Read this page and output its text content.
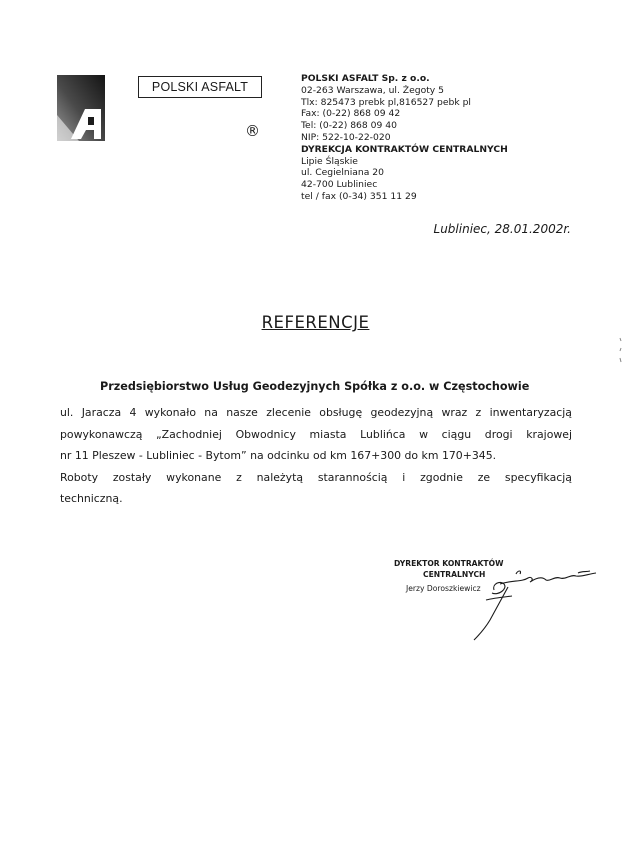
POLSKI ASFALT
®
POLSKI ASFALT Sp. z o.o.
02-263 Warszawa, ul. Żegoty 5
Tlx: 825473 prebk pl,816527 pebk pl
Fax: (0-22) 868 09 42
Tel: (0-22) 868 09 40
NIP: 522-10-22-020
DYREKCJA KONTRAKTÓW CENTRALNYCH
Lipie Śląskie
ul. Cegielniana 20
42-700 Lubliniec
tel / fax (0-34) 351 11 29
Lubliniec, 28.01.2002r.
REFERENCJE
Przedsiębiorstwo Usług Geodezyjnych Spółka z o.o. w Częstochowie
ul. Jaracza 4 wykonało na nasze zlecenie obsługę geodezyjną wraz z inwentaryzacją
powykonawczą „Zachodniej Obwodnicy miasta Lublińca w ciągu drogi krajowej
nr 11 Pleszew - Lubliniec - Bytom” na odcinku od km 167+300 do km 170+345.
Roboty zostały wykonane z należytą starannością i zgodnie ze specyfikacją
techniczną.
DYREKTOR KONTRAKTÓW
CENTRALNYCH
Jerzy Doroszkiewicz
